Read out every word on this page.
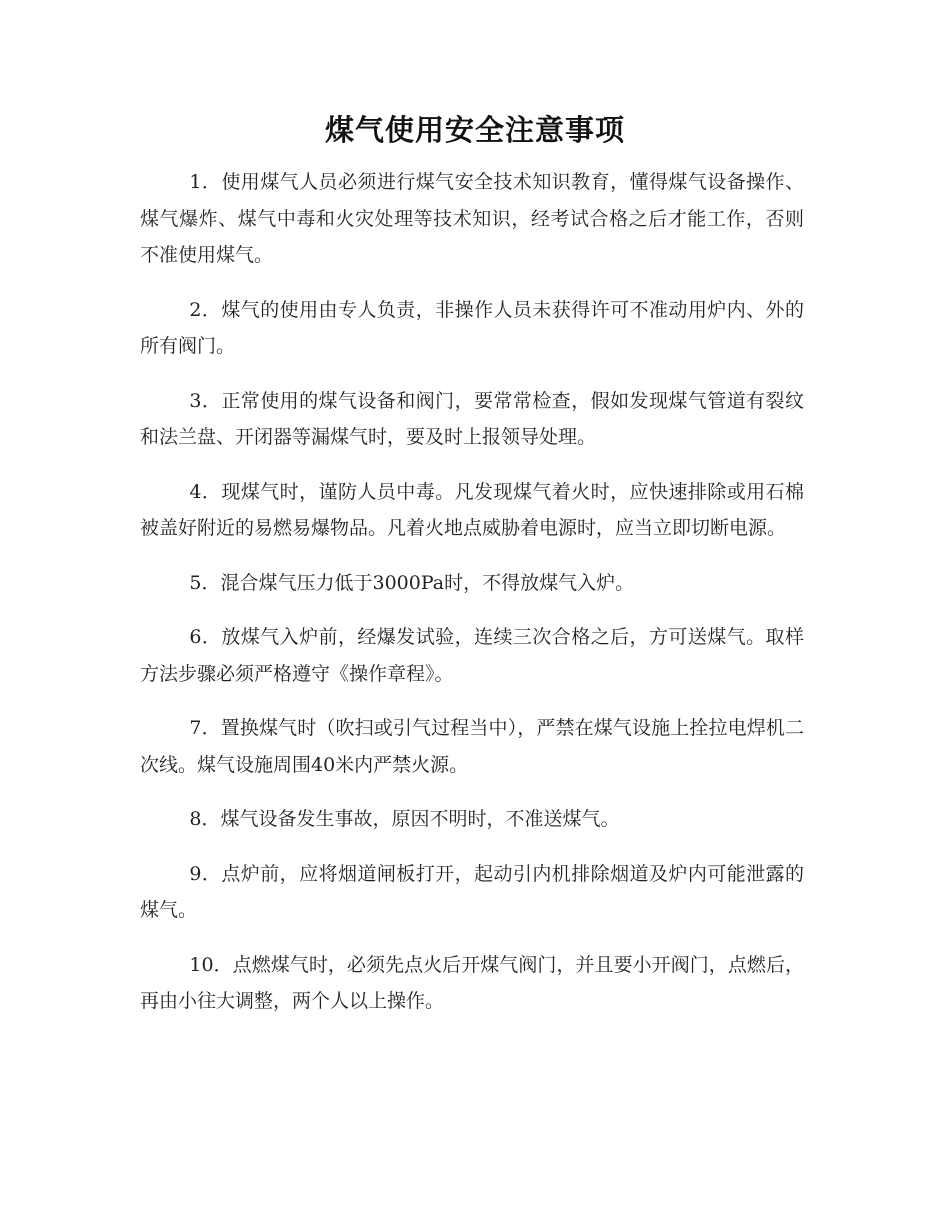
煤气使用安全注意事项

1．使用煤气人员必须进行煤气安全技术知识教育，懂得煤气设备操作、煤气爆炸、煤气中毒和火灾处理等技术知识，经考试合格之后才能工作，否则不准使用煤气。

2．煤气的使用由专人负责，非操作人员未获得许可不准动用炉内、外的所有阀门。

3．正常使用的煤气设备和阀门，要常常检查，假如发现煤气管道有裂纹和法兰盘、开闭器等漏煤气时，要及时上报领导处理。

4．现煤气时，谨防人员中毒。凡发现煤气着火时，应快速排除或用石棉被盖好附近的易燃易爆物品。凡着火地点威胁着电源时，应当立即切断电源。

5．混合煤气压力低于3000Pa时，不得放煤气入炉。

6．放煤气入炉前，经爆发试验，连续三次合格之后，方可送煤气。取样方法步骤必须严格遵守《操作章程》。

7．置换煤气时（吹扫或引气过程当中），严禁在煤气设施上拴拉电焊机二次线。煤气设施周围40米内严禁火源。

8．煤气设备发生事故，原因不明时，不准送煤气。

9．点炉前，应将烟道闸板打开，起动引内机排除烟道及炉内可能泄露的煤气。

10．点燃煤气时，必须先点火后开煤气阀门，并且要小开阀门，点燃后，再由小往大调整，两个人以上操作。
